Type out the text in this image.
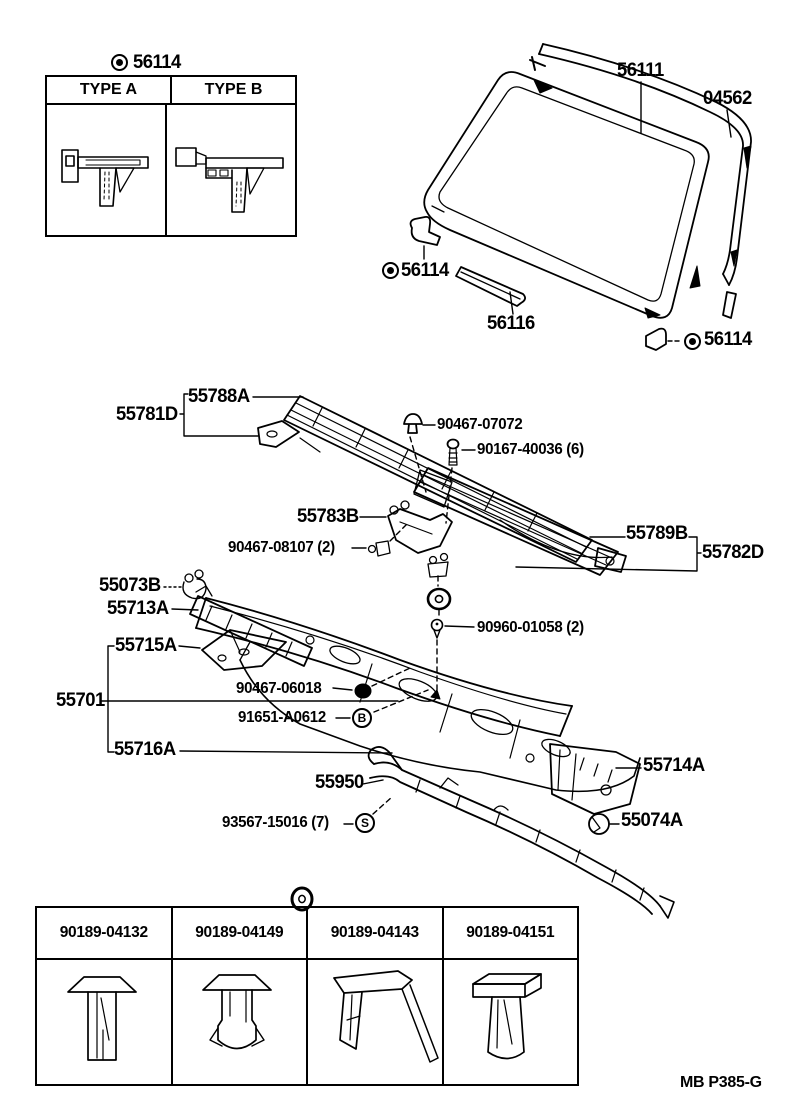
TYPE A	TYPE B
B
S
56114	56111
04562
56114
56116
56114
55788A
55781D	90467-07072
90167-40036 (6)
55783B
90467-08107 (2)
55789B
55782D
55073B
55713A
90960-01058 (2)
55715A
90467-06018
55701
91651-A0612
55716A
55714A
55950
55074A
93567-15016 (7)
90189-04132	90189-04149	90189-04143	90189-04151
MB P385-G
